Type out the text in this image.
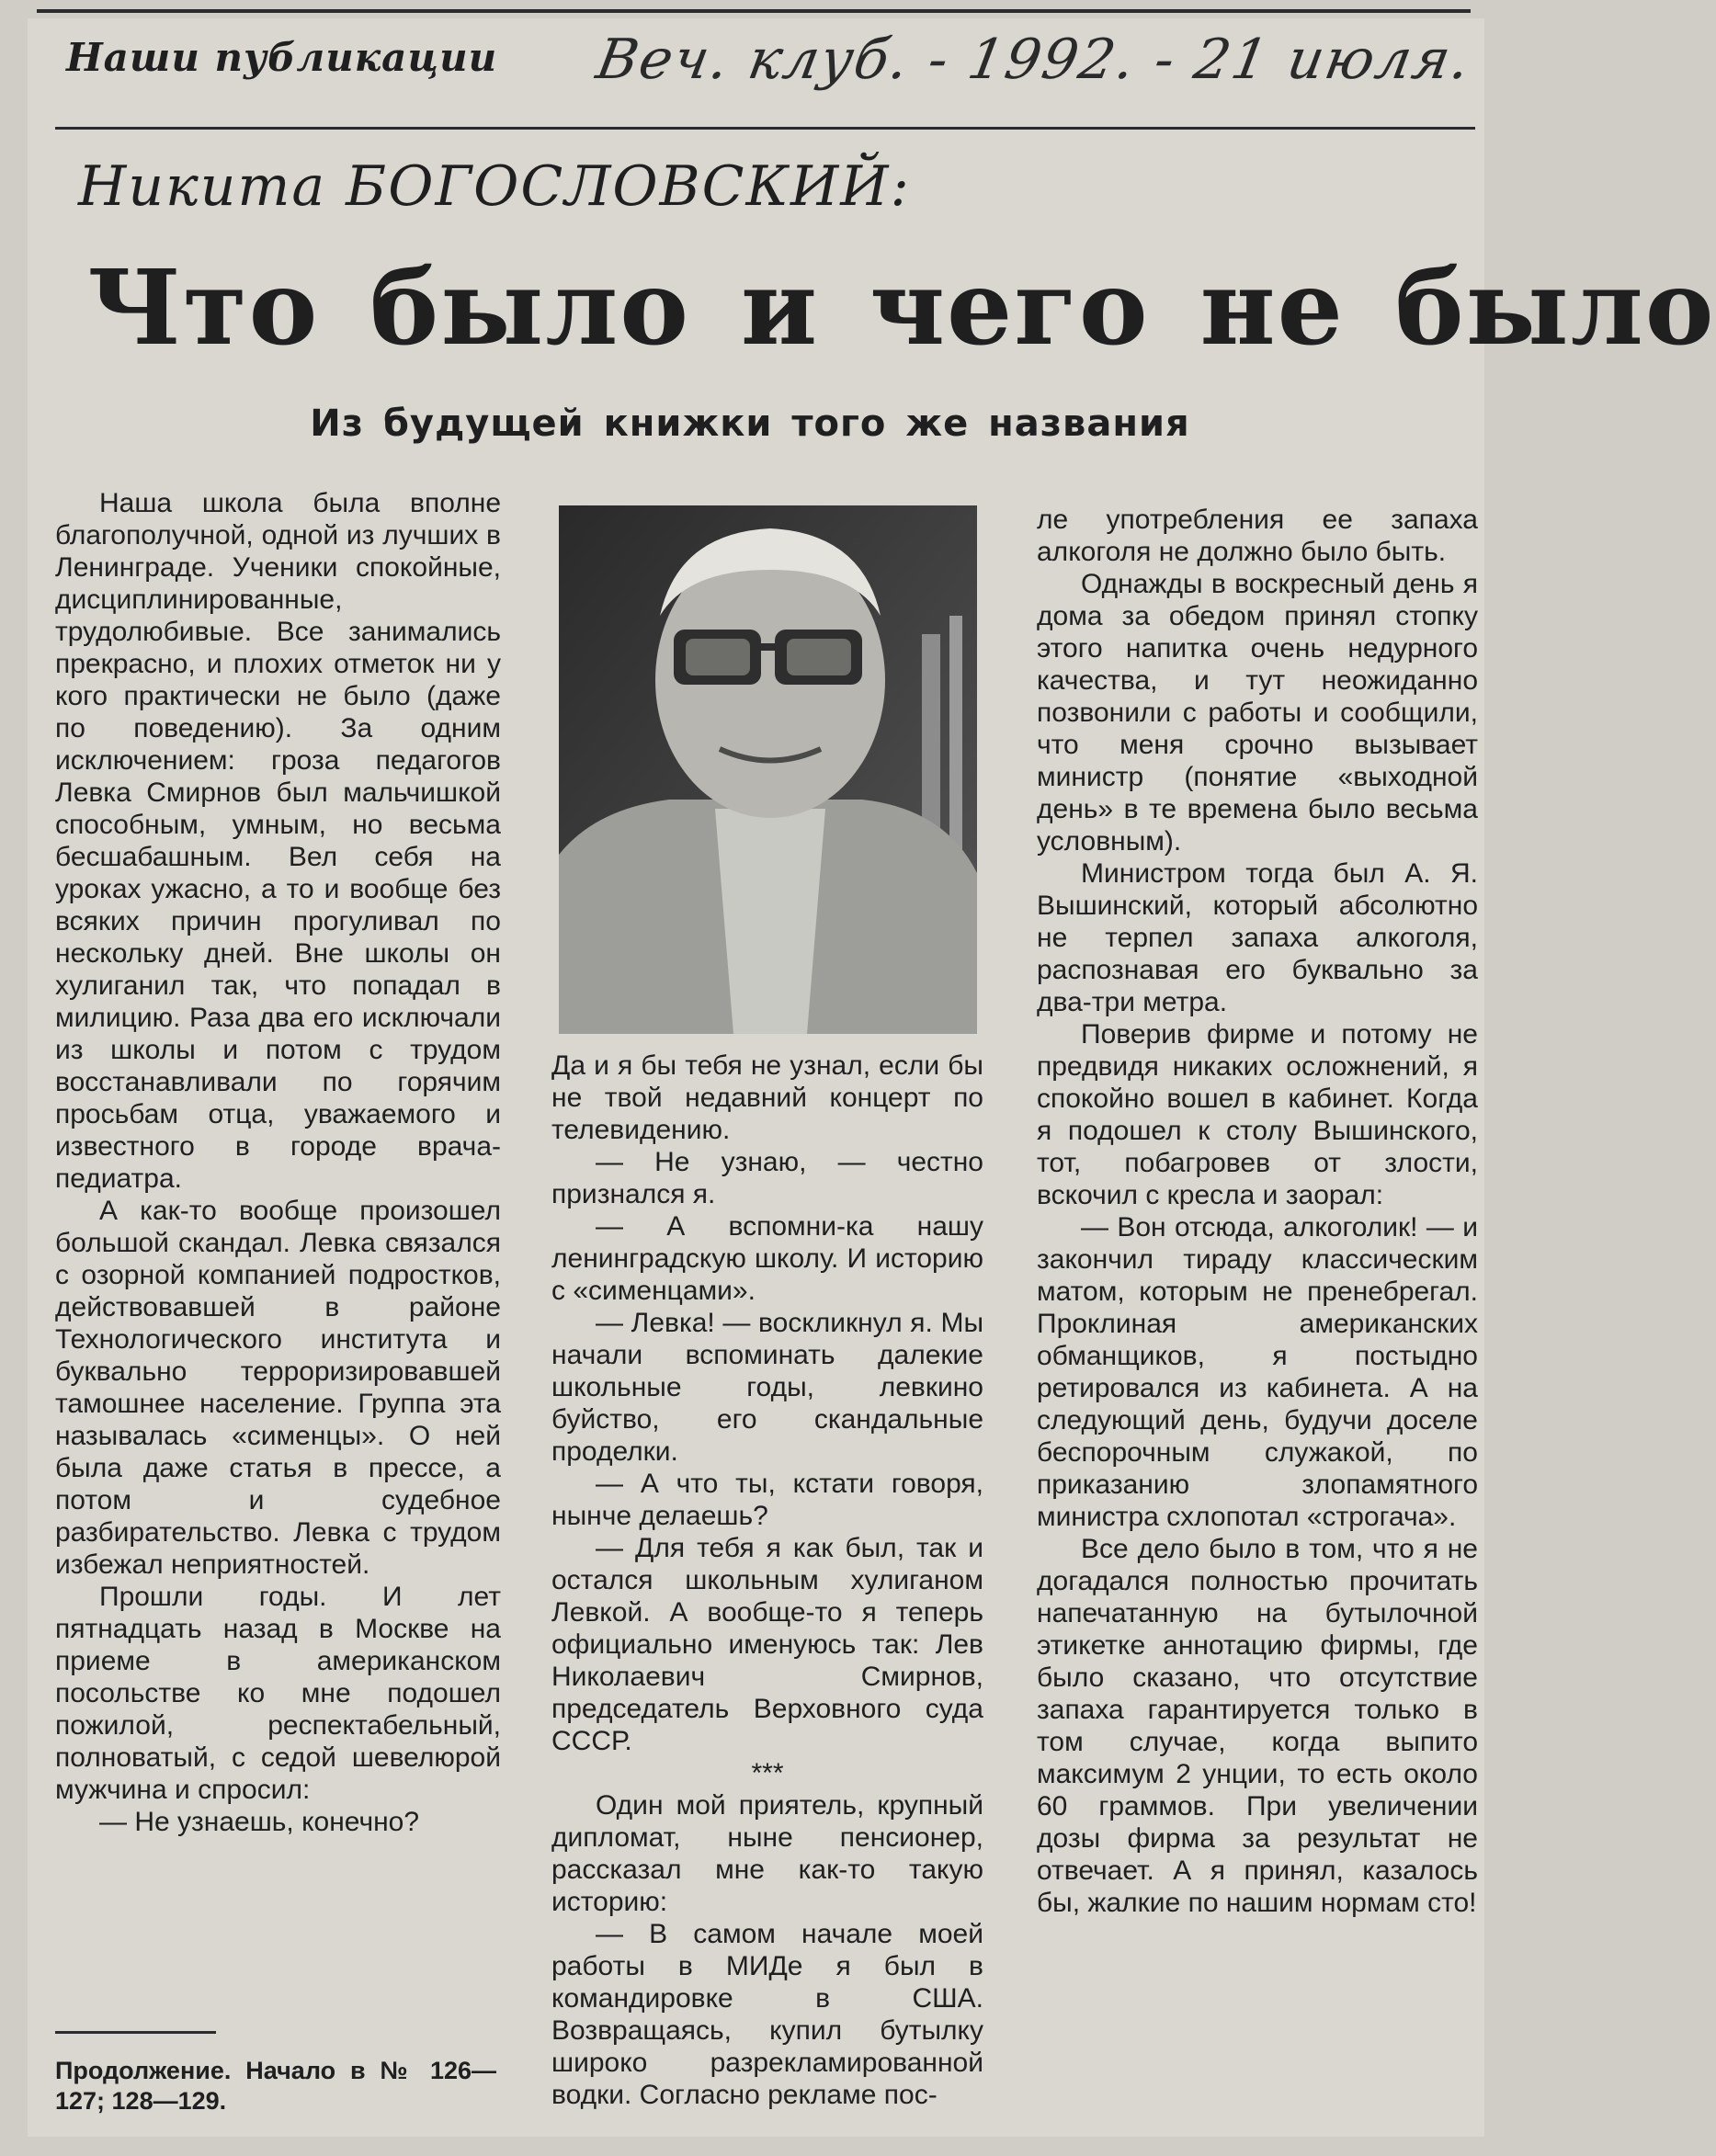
Наши публикации Веч. клуб. - 1992. - 21 июля.
Никита БОГОСЛОВСКИЙ:
Что было и чего не было
Из будущей книжки того же названия

Наша школа была вполне благополучной, одной из лучших в Ленинграде. Ученики спокойные, дисциплинированные, трудолюбивые. Все занимались прекрасно, и плохих отметок ни у кого практически не было (даже по поведению). За одним исключением: гроза педагогов Левка Смирнов был мальчишкой способным, умным, но весьма бесшабашным. Вел себя на уроках ужасно, а то и вообще без всяких причин прогуливал по нескольку дней. Вне школы он хулиганил так, что попадал в милицию. Раза два его исключали из школы и потом с трудом восстанавливали по горячим просьбам отца, уважаемого и известного в городе врача-педиатра.

А как-то вообще произошел большой скандал. Левка связался с озорной компанией подростков, действовавшей в районе Технологического института и буквально терроризировавшей тамошнее население. Группа эта называлась «сименцы». О ней была даже статья в прессе, а потом и судебное разбирательство. Левка с трудом избежал неприятностей.

Прошли годы. И лет пятнадцать назад в Москве на приеме в американском посольстве ко мне подошел пожилой, респектабельный, полноватый, с седой шевелюрой мужчина и спросил:

— Не узнаешь, конечно?

Да и я бы тебя не узнал, если бы не твой недавний концерт по телевидению.

— Не узнаю, — честно признался я.

— А вспомни-ка нашу ленинградскую школу. И историю с «сименцами».

— Левка! — воскликнул я. Мы начали вспоминать далекие школьные годы, левкино буйство, его скандальные проделки.

— А что ты, кстати говоря, нынче делаешь?

— Для тебя я как был, так и остался школьным хулиганом Левкой. А вообще-то я теперь официально именуюсь так: Лев Николаевич Смирнов, председатель Верховного суда СССР.

***

Один мой приятель, крупный дипломат, ныне пенсионер, рассказал мне как-то такую историю:

— В самом начале моей работы в МИДе я был в командировке в США. Возвращаясь, купил бутылку широко разрекламированной водки. Согласно рекламе пос-

ле употребления ее запаха алкоголя не должно было быть.

Однажды в воскресный день я дома за обедом принял стопку этого напитка очень недурного качества, и тут неожиданно позвонили с работы и сообщили, что меня срочно вызывает министр (понятие «выходной день» в те времена было весьма условным).

Министром тогда был А. Я. Вышинский, который абсолютно не терпел запаха алкоголя, распознавая его буквально за два-три метра.

Поверив фирме и потому не предвидя никаких осложнений, я спокойно вошел в кабинет. Когда я подошел к столу Вышинского, тот, побагровев от злости, вскочил с кресла и заорал:

— Вон отсюда, алкоголик! — и закончил тираду классическим матом, которым не пренебрегал. Проклиная американских обманщиков, я постыдно ретировался из кабинета. А на следующий день, будучи доселе беспорочным служакой, по приказанию злопамятного министра схлопотал «строгача».

Все дело было в том, что я не догадался полностью прочитать напечатанную на бутылочной этикетке аннотацию фирмы, где было сказано, что отсутствие запаха гарантируется только в том случае, когда выпито максимум 2 унции, то есть около 60 граммов. При увеличении дозы фирма за результат не отвечает. А я принял, казалось бы, жалкие по нашим нормам сто!

Продолжение. Начало в № 126—127; 128—129.
